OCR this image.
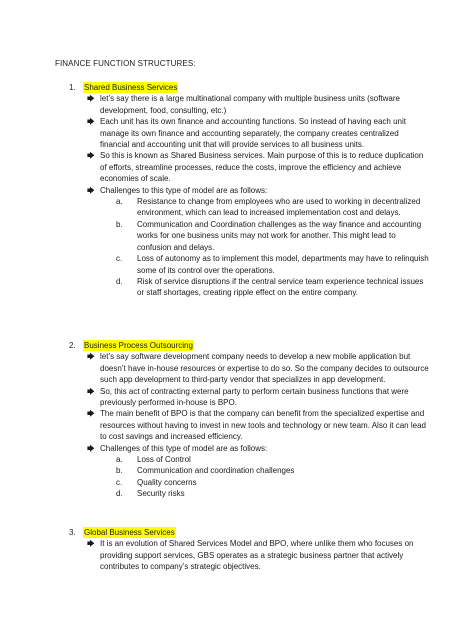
FINANCE FUNCTION STRUCTURES:
1.	Shared Business Services
🡆 let’s say there is a large multinational company with multiple business units (software development, food, consulting, etc.)
🡆 Each unit has its own finance and accounting functions. So instead of having each unit manage its own finance and accounting separately, the company creates centralized financial and accounting unit that will provide services to all business units.
🡆 So this is known as Shared Business services. Main purpose of this is to reduce duplication of efforts, streamline processes, reduce the costs, improve the efficiency and achieve economies of scale.
🡆 Challenges to this type of model are as follows:
a. Resistance to change from employees who are used to working in decentralized environment, which can lead to increased implementation cost and delays.
b. Communication and Coordination challenges as the way finance and accounting works for one business units may not work for another. This might lead to confusion and delays.
c. Loss of autonomy as to implement this model, departments may have to relinquish some of its control over the operations.
d. Risk of service disruptions if the central service team experience technical issues or staff shortages, creating ripple effect on the entire company.
2.	Business Process Outsourcing
🡆 let’s say software development company needs to develop a new mobile application but doesn’t have in-house resources or expertise to do so. So the company decides to outsource such app development to third-party vendor that specializes in app development.
🡆 So, this act of contracting external party to perform certain business functions that were previously performed in-house is BPO.
🡆 The main benefit of BPO is that the company can benefit from the specialized expertise and resources without having to invest in new tools and technology or new team. Also it can lead to cost savings and increased efficiency.
🡆 Challenges of this type of model are as follows:
a. Loss of Control
b. Communication and coordination challenges
c. Quality concerns
d. Security risks
3.	Global Business Services
🡆 It is an evolution of Shared Services Model and BPO, where unlike them who focuses on providing support services, GBS operates as a strategic business partner that actively contributes to company’s strategic objectives.
